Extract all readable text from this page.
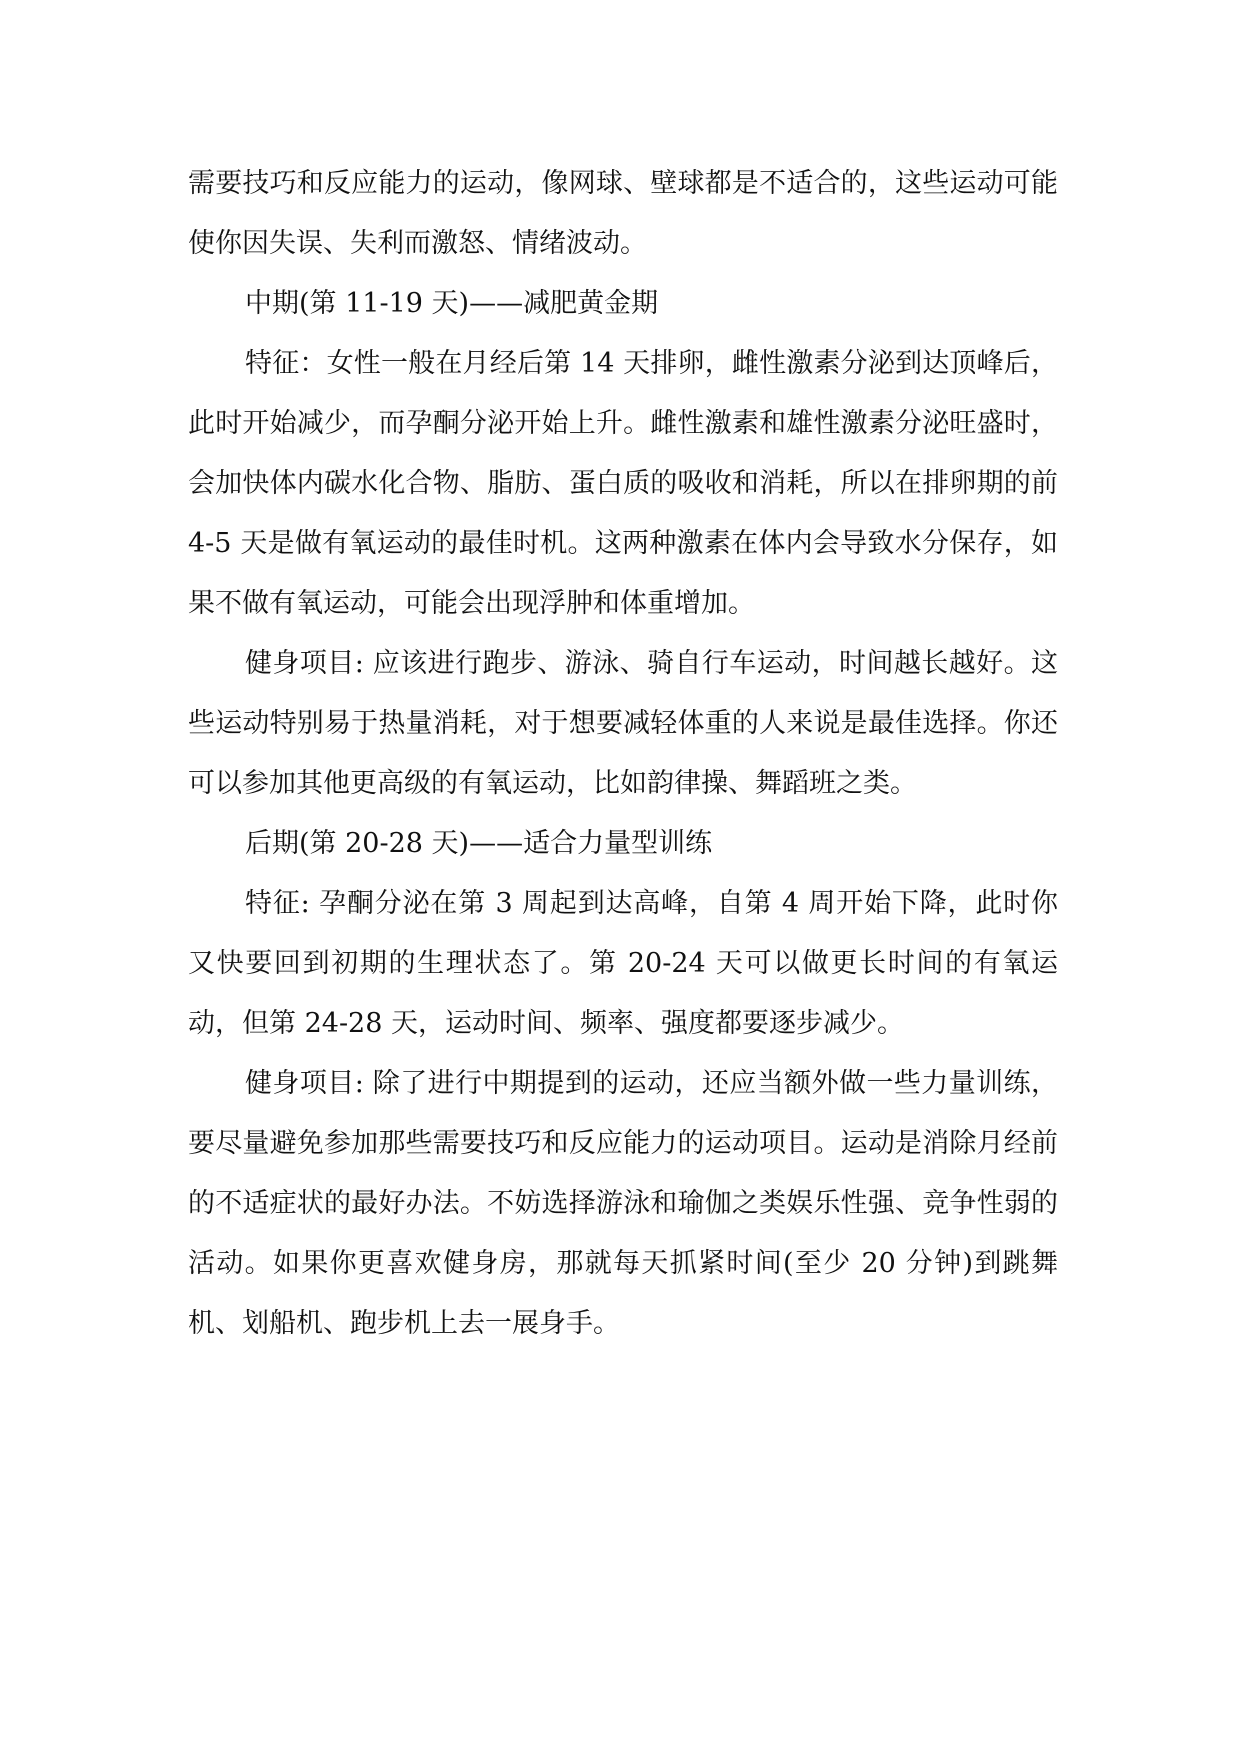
需要技巧和反应能力的运动，像网球、壁球都是不适合的，这些运动可能使你因失误、失利而激怒、情绪波动。

中期(第 11-19 天)——减肥黄金期

特征：女性一般在月经后第 14 天排卵，雌性激素分泌到达顶峰后，此时开始减少，而孕酮分泌开始上升。雌性激素和雄性激素分泌旺盛时，会加快体内碳水化合物、脂肪、蛋白质的吸收和消耗，所以在排卵期的前 4-5 天是做有氧运动的最佳时机。这两种激素在体内会导致水分保存，如果不做有氧运动，可能会出现浮肿和体重增加。

健身项目: 应该进行跑步、游泳、骑自行车运动，时间越长越好。这些运动特别易于热量消耗，对于想要减轻体重的人来说是最佳选择。你还可以参加其他更高级的有氧运动，比如韵律操、舞蹈班之类。

后期(第 20-28 天)——适合力量型训练

特征: 孕酮分泌在第 3 周起到达高峰，自第 4 周开始下降，此时你又快要回到初期的生理状态了。第 20-24 天可以做更长时间的有氧运动，但第 24-28 天，运动时间、频率、强度都要逐步减少。

健身项目: 除了进行中期提到的运动，还应当额外做一些力量训练，要尽量避免参加那些需要技巧和反应能力的运动项目。运动是消除月经前的不适症状的最好办法。不妨选择游泳和瑜伽之类娱乐性强、竞争性弱的活动。如果你更喜欢健身房，那就每天抓紧时间(至少 20 分钟)到跳舞机、划船机、跑步机上去一展身手。
